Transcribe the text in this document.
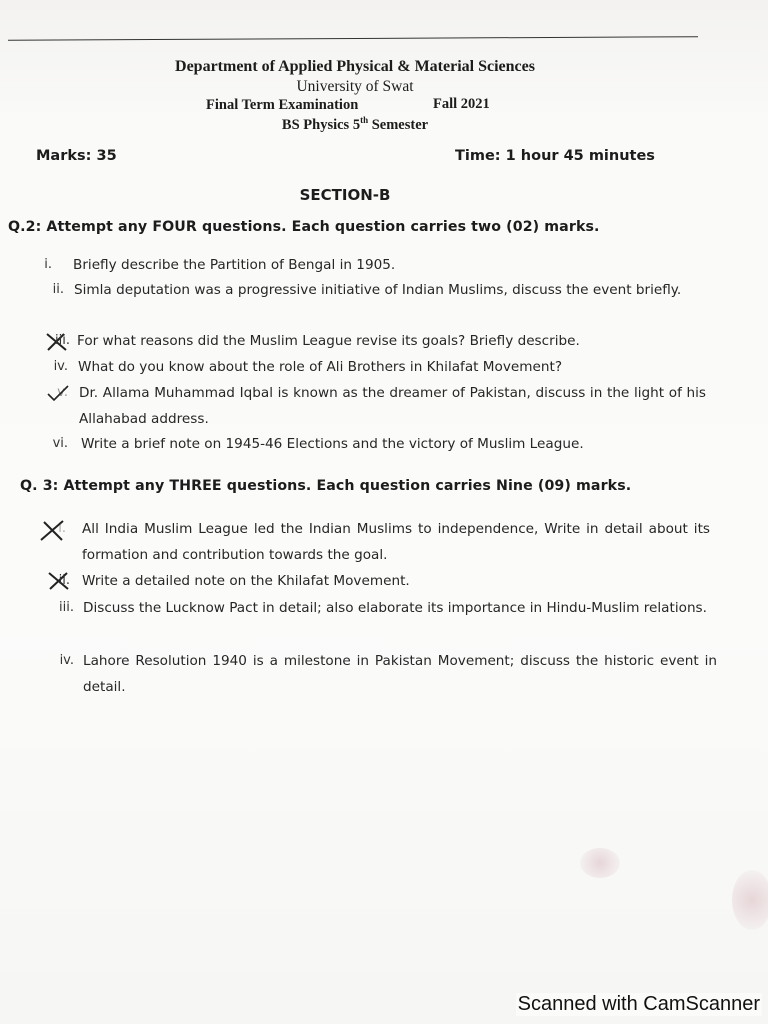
Department of Applied Physical & Material Sciences
University of Swat
Final Term Examination	Fall 2021
BS Physics 5th Semester
Marks: 35	Time: 1 hour 45 minutes
SECTION-B
Q.2: Attempt any FOUR questions. Each question carries two (02) marks.
i. Briefly describe the Partition of Bengal in 1905.
ii. Simla deputation was a progressive initiative of Indian Muslims, discuss the event briefly.
iii. For what reasons did the Muslim League revise its goals? Briefly describe.
iv. What do you know about the role of Ali Brothers in Khilafat Movement?
v. Dr. Allama Muhammad Iqbal is known as the dreamer of Pakistan, discuss in the light of his Allahabad address.
vi. Write a brief note on 1945-46 Elections and the victory of Muslim League.
Q. 3: Attempt any THREE questions. Each question carries Nine (09) marks.
i. All India Muslim League led the Indian Muslims to independence, Write in detail about its formation and contribution towards the goal.
ii. Write a detailed note on the Khilafat Movement.
iii. Discuss the Lucknow Pact in detail; also elaborate its importance in Hindu-Muslim relations.
iv. Lahore Resolution 1940 is a milestone in Pakistan Movement; discuss the historic event in detail.
Scanned with CamScanner
